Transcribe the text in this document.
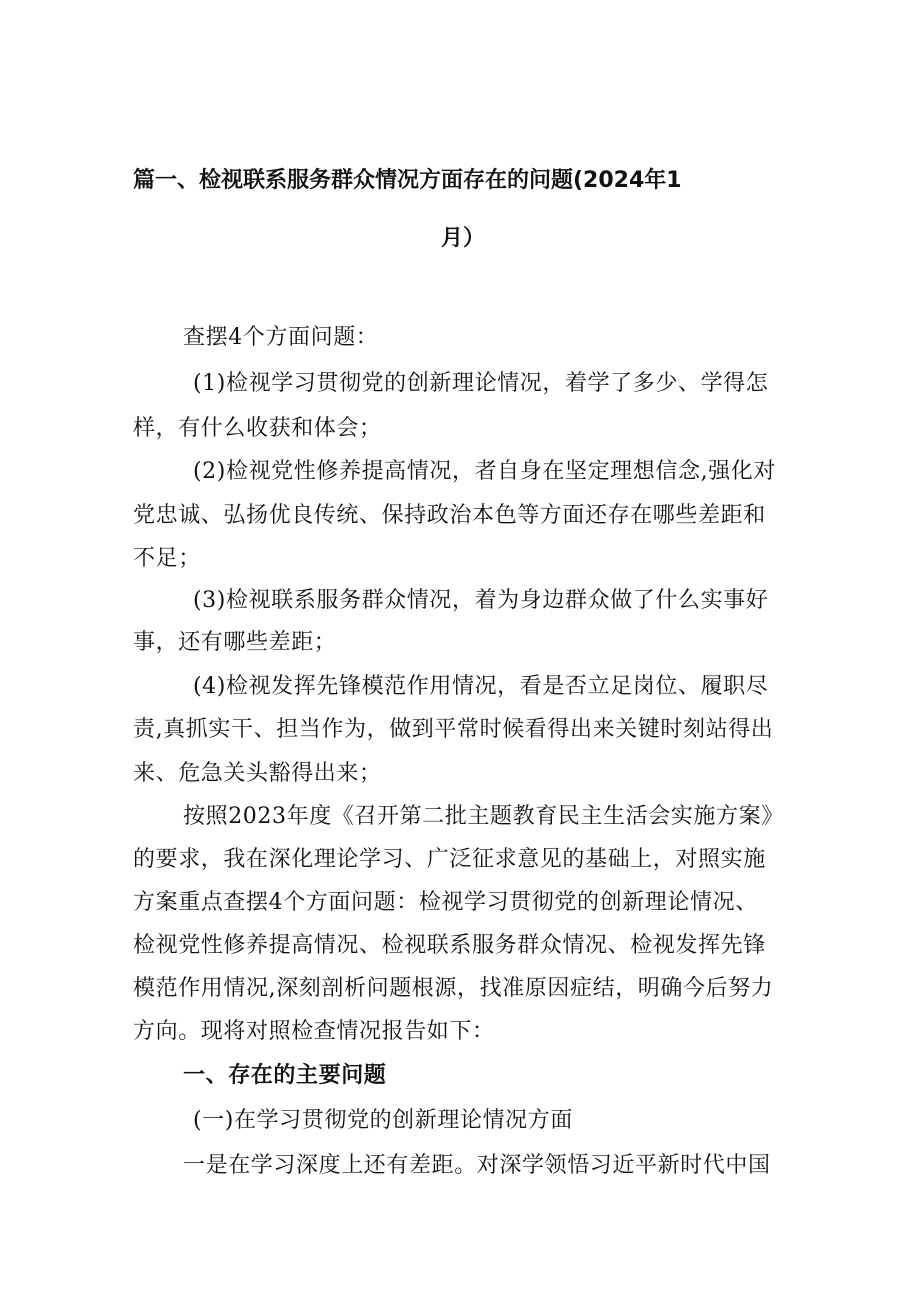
篇一、检视联系服务群众情况方面存在的问题(2024年1
月）
查摆4个方面问题：
(1)检视学习贯彻党的创新理论情况，着学了多少、学得怎
样，有什么收获和体会；
(2)检视党性修养提高情况，者自身在坚定理想信念,强化对
党忠诚、弘扬优良传统、保持政治本色等方面还存在哪些差距和
不足；
(3)检视联系服务群众情况，着为身边群众做了什么实事好
事，还有哪些差距；
(4)检视发挥先锋模范作用情况，看是否立足岗位、履职尽
责,真抓实干、担当作为，做到平常时候看得出来关键时刻站得出
来、危急关头豁得出来；
按照2023年度《召开第二批主题教育民主生活会实施方案》
的要求，我在深化理论学习、广泛征求意见的基础上，对照实施
方案重点查摆4个方面问题：检视学习贯彻党的创新理论情况、
检视党性修养提高情况、检视联系服务群众情况、检视发挥先锋
模范作用情况,深刻剖析问题根源，找准原因症结，明确今后努力
方向。现将对照检查情况报告如下：
一、存在的主要问题
(一)在学习贯彻党的创新理论情况方面
一是在学习深度上还有差距。对深学领悟习近平新时代中国
